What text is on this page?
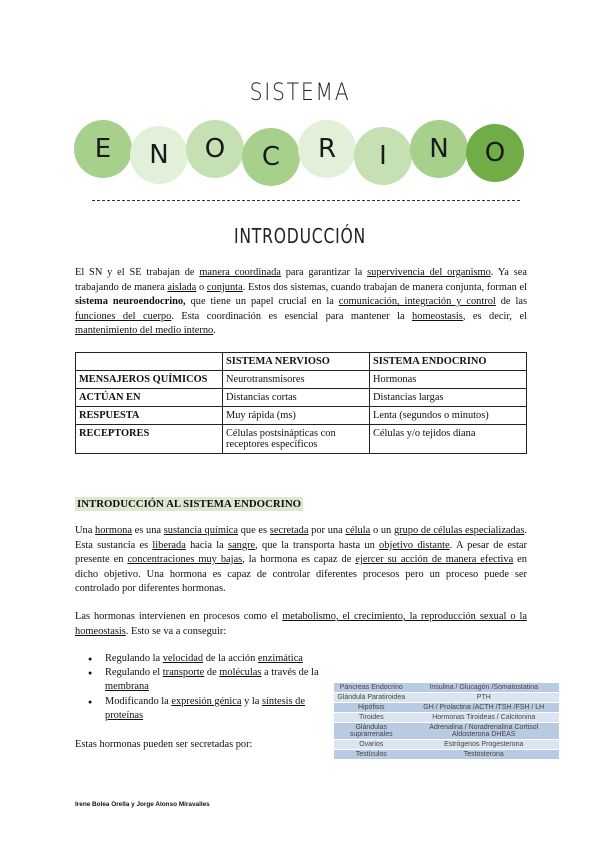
SISTEMA
E N O C R I N O
INTRODUCCIÓN
El SN y el SE trabajan de manera coordinada para garantizar la supervivencia del organismo. Ya sea trabajando de manera aislada o conjunta. Estos dos sistemas, cuando trabajan de manera conjunta, forman el sistema neuroendocrino, que tiene un papel crucial en la comunicación, integración y control de las funciones del cuerpo. Esta coordinación es esencial para mantener la homeostasis, es decir, el mantenimiento del medio interno.
	SISTEMA NERVIOSO	SISTEMA ENDOCRINO
MENSAJEROS QUÍMICOS	Neurotransmisores	Hormonas
ACTÚAN EN	Distancias cortas	Distancias largas
RESPUESTA	Muy rápida (ms)	Lenta (segundos o minutos)
RECEPTORES	Células postsinápticas con receptores específicos	Células y/o tejidos diana
INTRODUCCIÓN AL SISTEMA ENDOCRINO
Una hormona es una sustancia química que es secretada por una célula o un grupo de células especializadas. Esta sustancia es liberada hacia la sangre, que la transporta hasta un objetivo distante. A pesar de estar presente en concentraciones muy bajas, la hormona es capaz de ejercer su acción de manera efectiva en dicho objetivo. Una hormona es capaz de controlar diferentes procesos pero un proceso puede ser controlado por diferentes hormonas.
Las hormonas intervienen en procesos como el metabolismo, el crecimiento, la reproducción sexual o la homeostasis. Esto se va a conseguir:
● Regulando la velocidad de la acción enzimática
● Regulando el transporte de moléculas a través de la membrana
● Modificando la expresión génica y la síntesis de proteínas
Estas hormonas pueden ser secretadas por:
Páncreas Endocrino	Insulina / Glucagón /Somatostatina
Glándula Paratiroidea	PTH
Hipófisis	GH / Prolactina /ACTH /TSH /FSH / LH
Tiroides	Hormonas Tiroideas / Calcitonina
Glándulas suprarrenales	Adrenalina / Noradrenalina Cortisol Aldosterona DHEAS
Ovarios	Estrógenos Progesterona
Testículos	Testosterona
Irene Bolea Orella y Jorge Alonso Miravalles
